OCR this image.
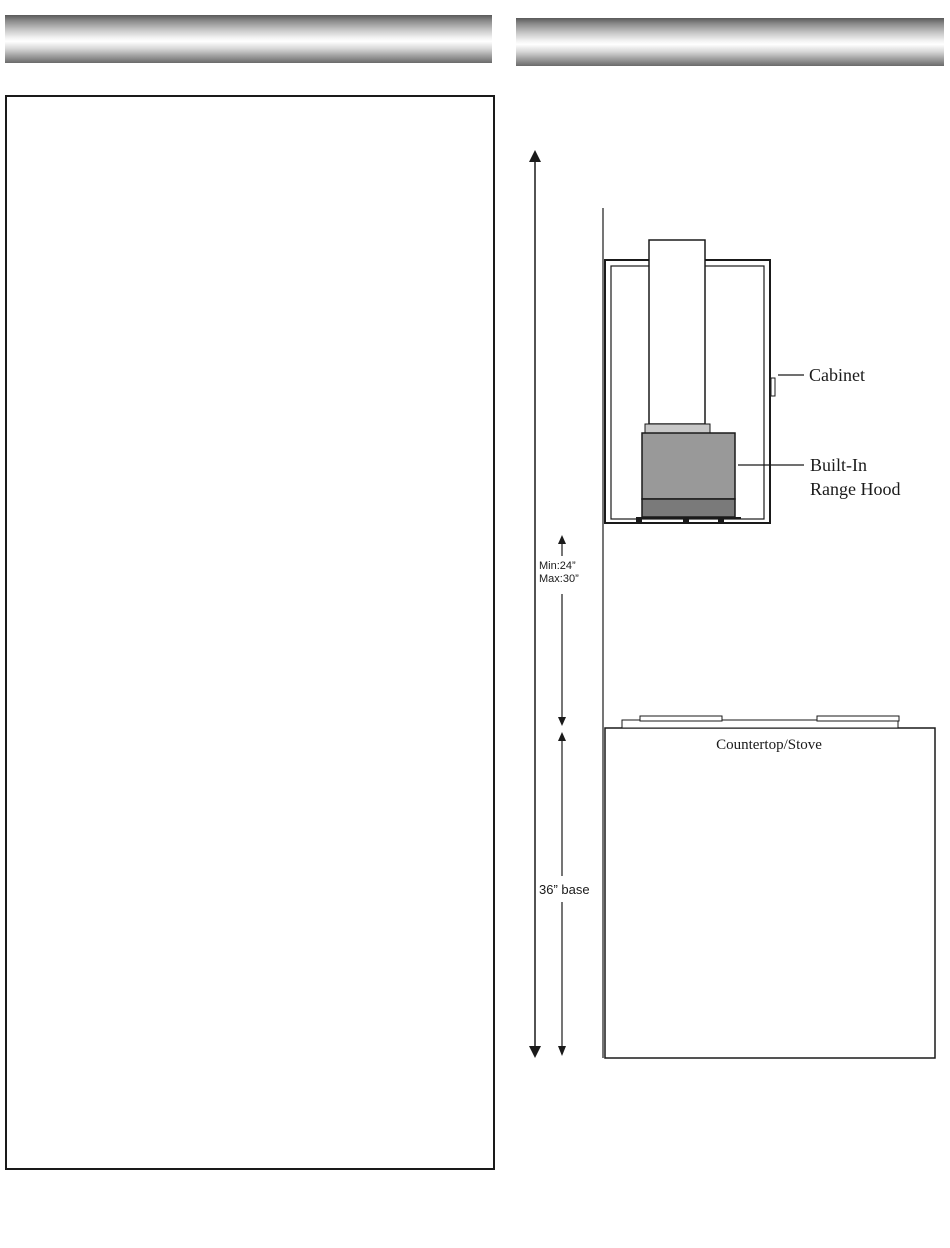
Cabinet
Built-In
Range Hood
Min:24”
Max:30”
36” base
Countertop/Stove
